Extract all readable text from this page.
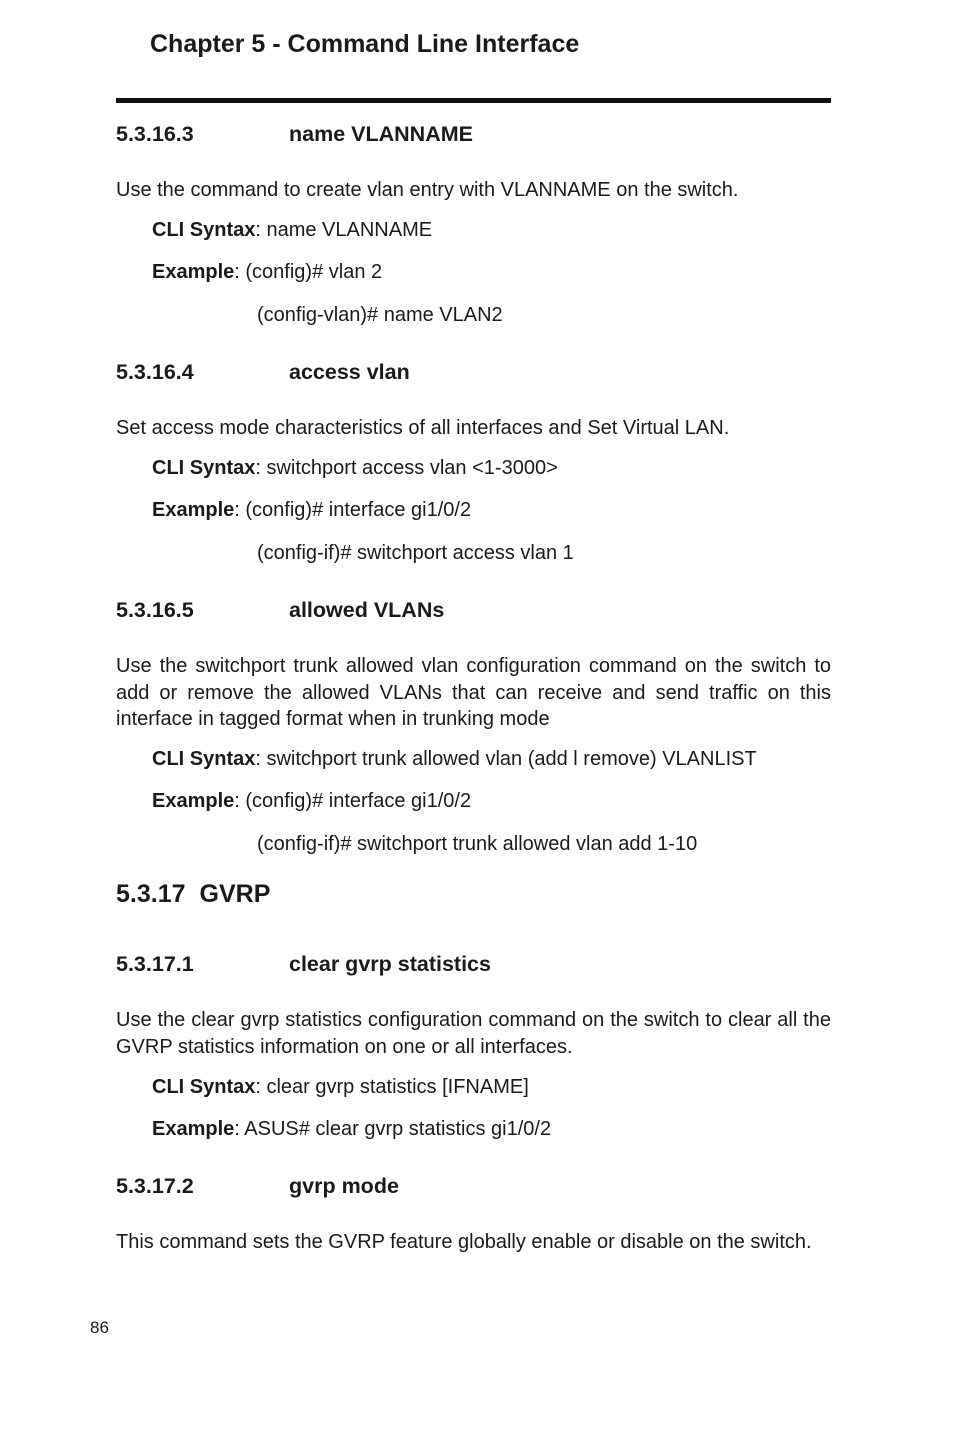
Chapter 5 - Command Line Interface
5.3.16.3	name VLANNAME

Use the command to create vlan entry with VLANNAME on the switch.

CLI Syntax: name VLANNAME

Example: (config)# vlan 2

(config-vlan)# name VLAN2

5.3.16.4	access vlan

Set access mode characteristics of all interfaces and Set Virtual LAN.

CLI Syntax: switchport access vlan <1-3000>

Example: (config)# interface gi1/0/2

(config-if)# switchport access vlan 1

5.3.16.5	allowed VLANs

Use the switchport trunk allowed vlan configuration command on the switch to add or remove the allowed VLANs that can receive and send traffic on this interface in tagged format when in trunking mode

CLI Syntax: switchport trunk allowed vlan (add l remove) VLANLIST

Example: (config)# interface gi1/0/2

(config-if)# switchport trunk allowed vlan add 1-10

5.3.17 GVRP
5.3.17.1	clear gvrp statistics

Use the clear gvrp statistics configuration command on the switch to clear all the GVRP statistics information on one or all interfaces.

CLI Syntax: clear gvrp statistics [IFNAME]

Example: ASUS# clear gvrp statistics gi1/0/2

5.3.17.2	gvrp mode

This command sets the GVRP feature globally enable or disable on the switch.

86
